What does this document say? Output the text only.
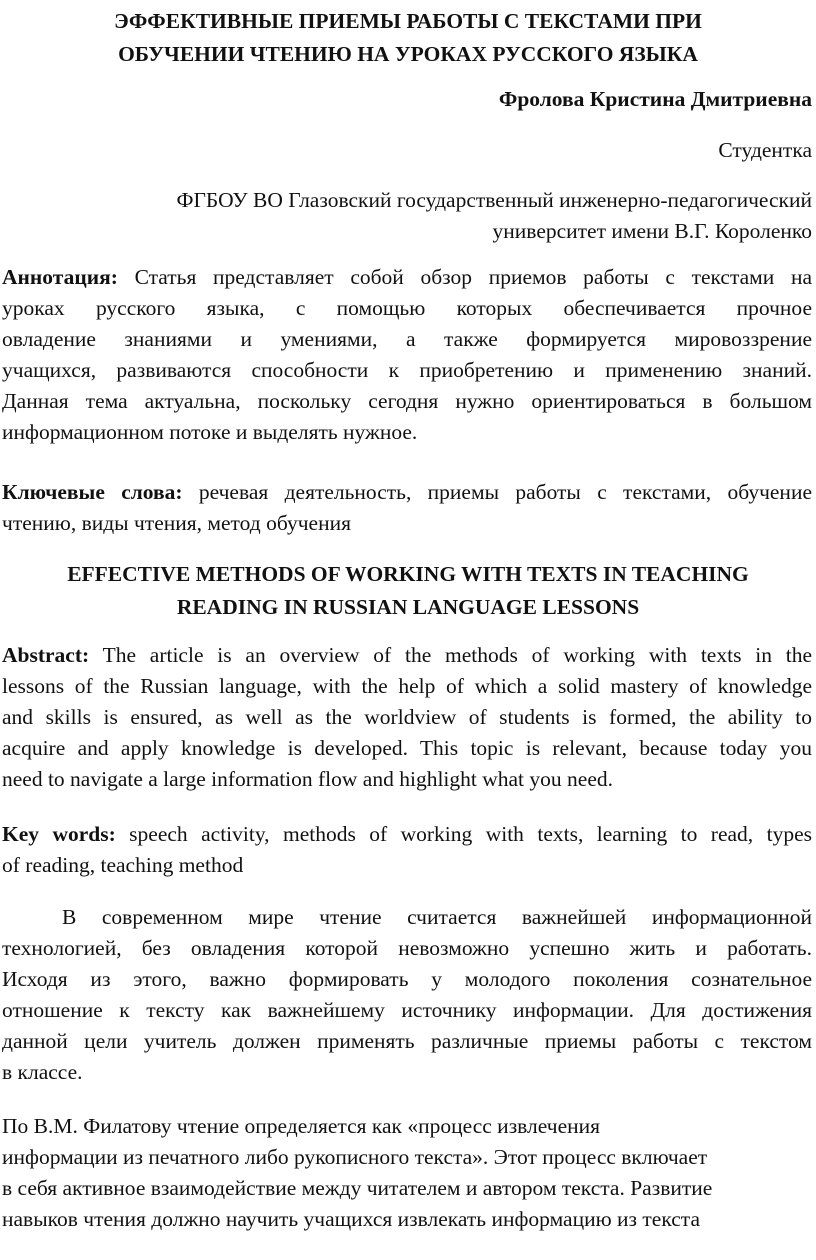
ЭФФЕКТИВНЫЕ ПРИЕМЫ РАБОТЫ С ТЕКСТАМИ ПРИ
ОБУЧЕНИИ ЧТЕНИЮ НА УРОКАХ РУССКОГО ЯЗЫКА
Фролова Кристина Дмитриевна
Студентка
ФГБОУ ВО Глазовский государственный инженерно-педагогический
университет имени В.Г. Короленко

Аннотация: Статья представляет собой обзор приемов работы с текстами на
уроках русского языка, с помощью которых обеспечивается прочное
овладение знаниями и умениями, а также формируется мировоззрение
учащихся, развиваются способности к приобретению и применению знаний.
Данная тема актуальна, поскольку сегодня нужно ориентироваться в большом
информационном потоке и выделять нужное.

Ключевые слова: речевая деятельность, приемы работы с текстами, обучение
чтению, виды чтения, метод обучения

EFFECTIVE METHODS OF WORKING WITH TEXTS IN TEACHING
READING IN RUSSIAN LANGUAGE LESSONS

Abstract: The article is an overview of the methods of working with texts in the
lessons of the Russian language, with the help of which a solid mastery of knowledge
and skills is ensured, as well as the worldview of students is formed, the ability to
acquire and apply knowledge is developed. This topic is relevant, because today you
need to navigate a large information flow and highlight what you need.

Key words: speech activity, methods of working with texts, learning to read, types
of reading, teaching method

В современном мире чтение считается важнейшей информационной
технологией, без овладения которой невозможно успешно жить и работать.
Исходя из этого, важно формировать у молодого поколения сознательное
отношение к тексту как важнейшему источнику информации. Для достижения
данной цели учитель должен применять различные приемы работы с текстом
в классе.

По В.М. Филатову чтение определяется как «процесс извлечения
информации из печатного либо рукописного текста». Этот процесс включает
в себя активное взаимодействие между читателем и автором текста. Развитие
навыков чтения должно научить учащихся извлекать информацию из текста
